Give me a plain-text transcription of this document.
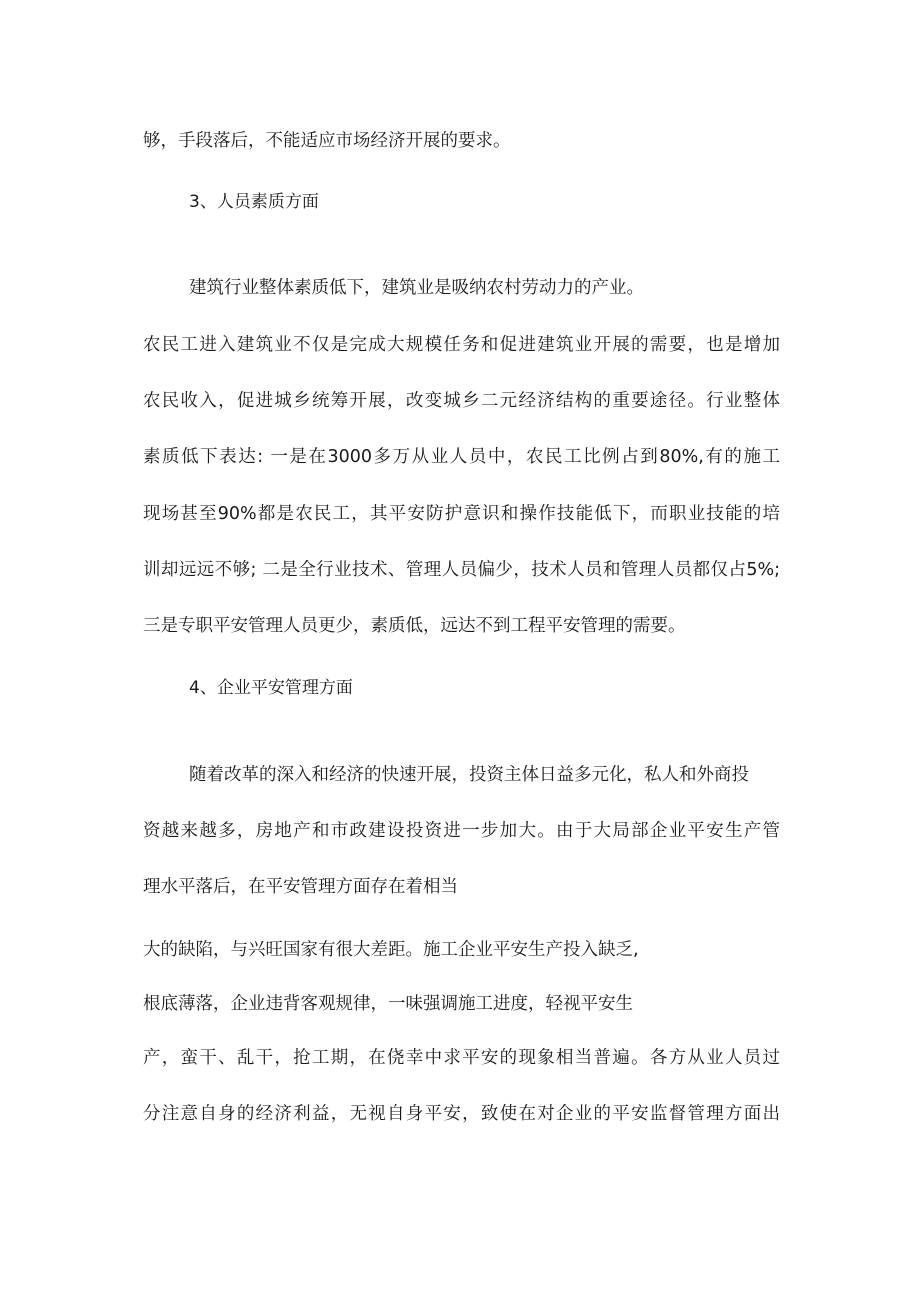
够，手段落后，不能适应市场经济开展的要求。
3、人员素质方面
建筑行业整体素质低下，建筑业是吸纳农村劳动力的产业。
农民工进入建筑业不仅是完成大规模任务和促进建筑业开展的需要，也是增加
农民收入，促进城乡统筹开展，改变城乡二元经济结构的重要途径。行业整体
素质低下表达: 一是在3000多万从业人员中，农民工比例占到80%,有的施工
现场甚至90%都是农民工，其平安防护意识和操作技能低下，而职业技能的培
训却远远不够; 二是全行业技术、管理人员偏少，技术人员和管理人员都仅占5%;
三是专职平安管理人员更少，素质低，远达不到工程平安管理的需要。
4、企业平安管理方面
随着改革的深入和经济的快速开展，投资主体日益多元化，私人和外商投
资越来越多，房地产和市政建设投资进一步加大。由于大局部企业平安生产管
理水平落后，在平安管理方面存在着相当
大的缺陷，与兴旺国家有很大差距。施工企业平安生产投入缺乏,
根底薄落，企业违背客观规律，一味强调施工进度，轻视平安生
产，蛮干、乱干，抢工期，在侥幸中求平安的现象相当普遍。各方从业人员过
分注意自身的经济利益，无视自身平安，致使在对企业的平安监督管理方面出
